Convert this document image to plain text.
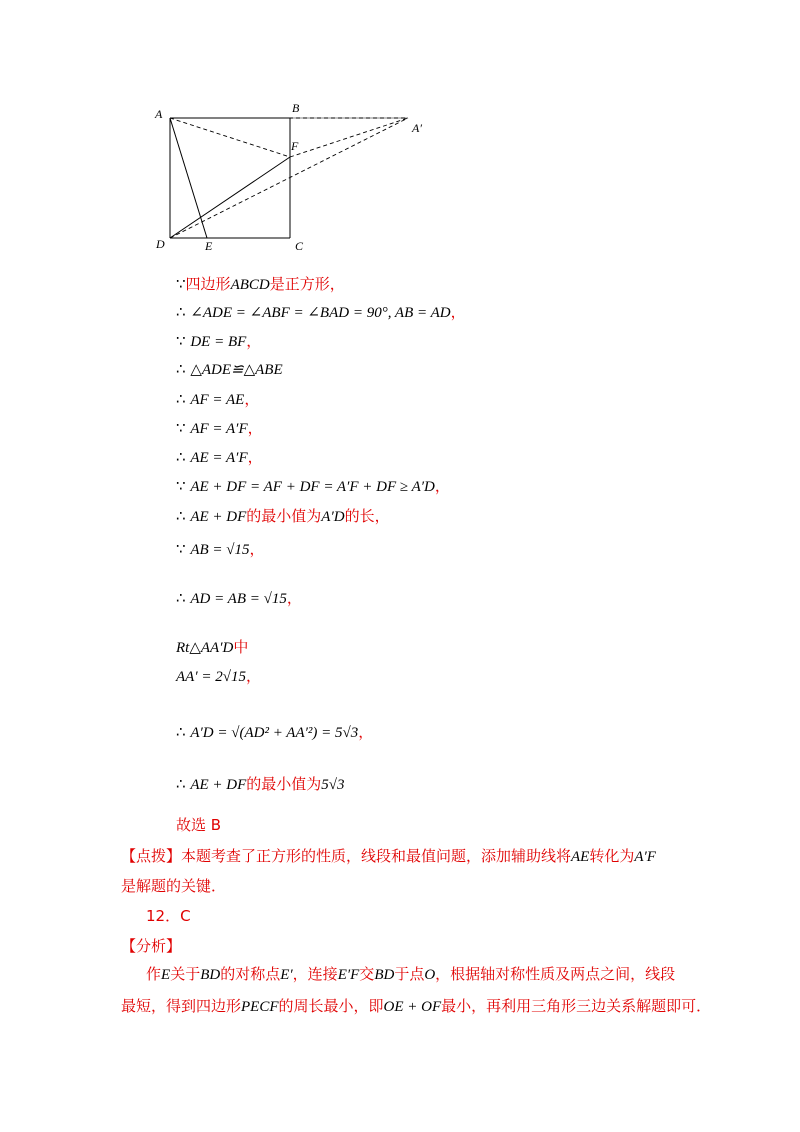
A	B
A′
F
D	E	C
∵四边形ABCD是正方形，
∴ ∠ADE = ∠ABF = ∠BAD = 90°, AB = AD，
∵ DE = BF，
∴ △ADE≌△ABE
∴ AF = AE，
∵ AF = A′F，
∴ AE = A′F，
∵ AE + DF = AF + DF = A′F + DF ≥ A′D，
∴ AE + DF的最小值为A′D的长，
∵ AB = √15，
∴ AD = AB = √15，
Rt△AA′D中
AA′ = 2√15，
∴ A′D = √(AD² + AA′²) = 5√3，
∴ AE + DF的最小值为5√3
故选 B
【点拨】本题考查了正方形的性质，线段和最值问题，添加辅助线将AE转化为A′F
是解题的关键．
12．C
【分析】
作E关于BD的对称点E′，连接E′F交BD于点O，根据轴对称性质及两点之间，线段
最短，得到四边形PECF的周长最小，即OE + OF最小，再利用三角形三边关系解题即可．
